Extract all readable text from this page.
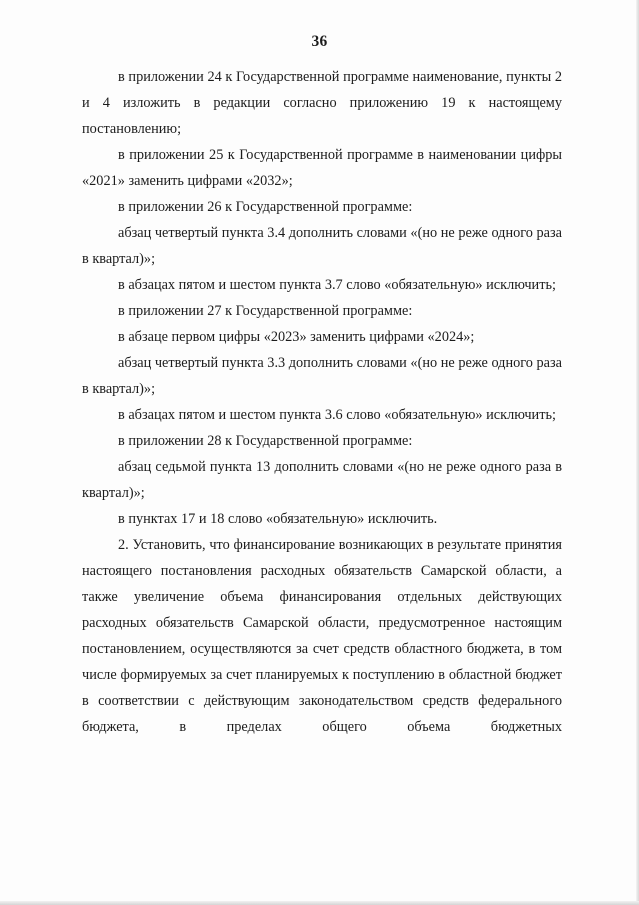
36

в приложении 24 к Государственной программе наименование, пункты 2 и 4 изложить в редакции согласно приложению 19 к настоящему постановлению;

в приложении 25 к Государственной программе в наименовании цифры «2021» заменить цифрами «2032»;

в приложении 26 к Государственной программе:

абзац четвертый пункта 3.4 дополнить словами «(но не реже одного раза в квартал)»;

в абзацах пятом и шестом пункта 3.7 слово «обязательную» исключить;

в приложении 27 к Государственной программе:

в абзаце первом цифры «2023» заменить цифрами «2024»;

абзац четвертый пункта 3.3 дополнить словами «(но не реже одного раза в квартал)»;

в абзацах пятом и шестом пункта 3.6 слово «обязательную» исключить;

в приложении 28 к Государственной программе:

абзац седьмой пункта 13 дополнить словами «(но не реже одного раза в квартал)»;

в пунктах 17 и 18 слово «обязательную» исключить.

2. Установить, что финансирование возникающих в результате принятия настоящего постановления расходных обязательств Самарской области, а также увеличение объема финансирования отдельных действующих расходных обязательств Самарской области, предусмотренное настоящим постановлением, осуществляются за счет средств областного бюджета, в том числе формируемых за счет планируемых к поступлению в областной бюджет в соответствии с действующим законодательством средств федерального бюджета, в пределах общего объема бюджетных
